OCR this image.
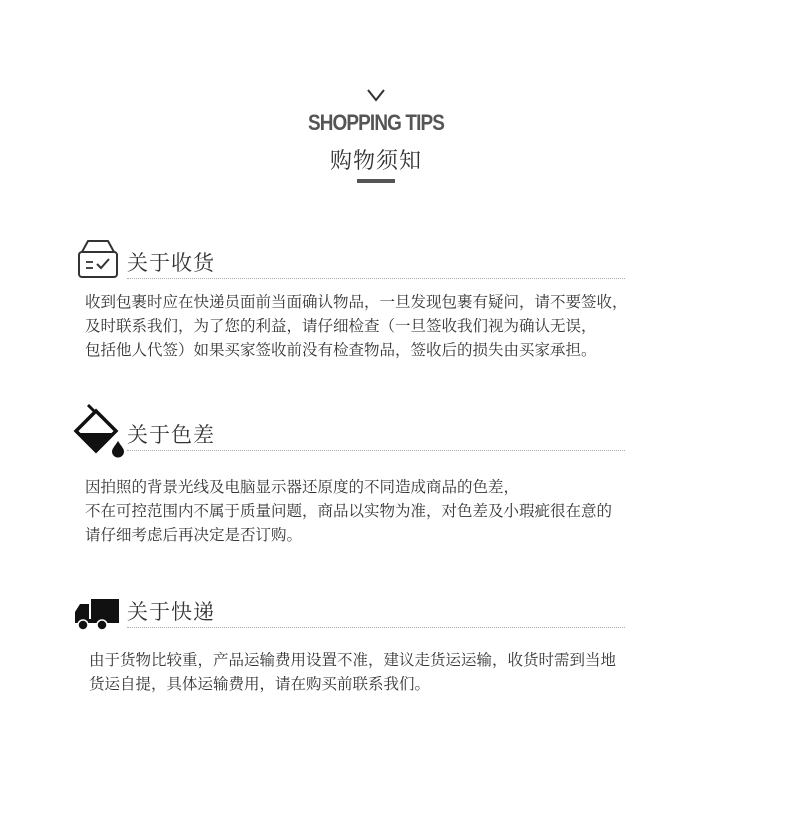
SHOPPING TIPS
购物须知
关于收货
收到包裹时应在快递员面前当面确认物品，一旦发现包裹有疑问，请不要签收，
及时联系我们，为了您的利益，请仔细检查（一旦签收我们视为确认无误，
包括他人代签）如果买家签收前没有检查物品，签收后的损失由买家承担。
关于色差
因拍照的背景光线及电脑显示器还原度的不同造成商品的色差，
不在可控范围内不属于质量问题，商品以实物为准，对色差及小瑕疵很在意的
请仔细考虑后再决定是否订购。
关于快递
由于货物比较重，产品运输费用设置不准，建议走货运运输，收货时需到当地
货运自提，具体运输费用，请在购买前联系我们。
